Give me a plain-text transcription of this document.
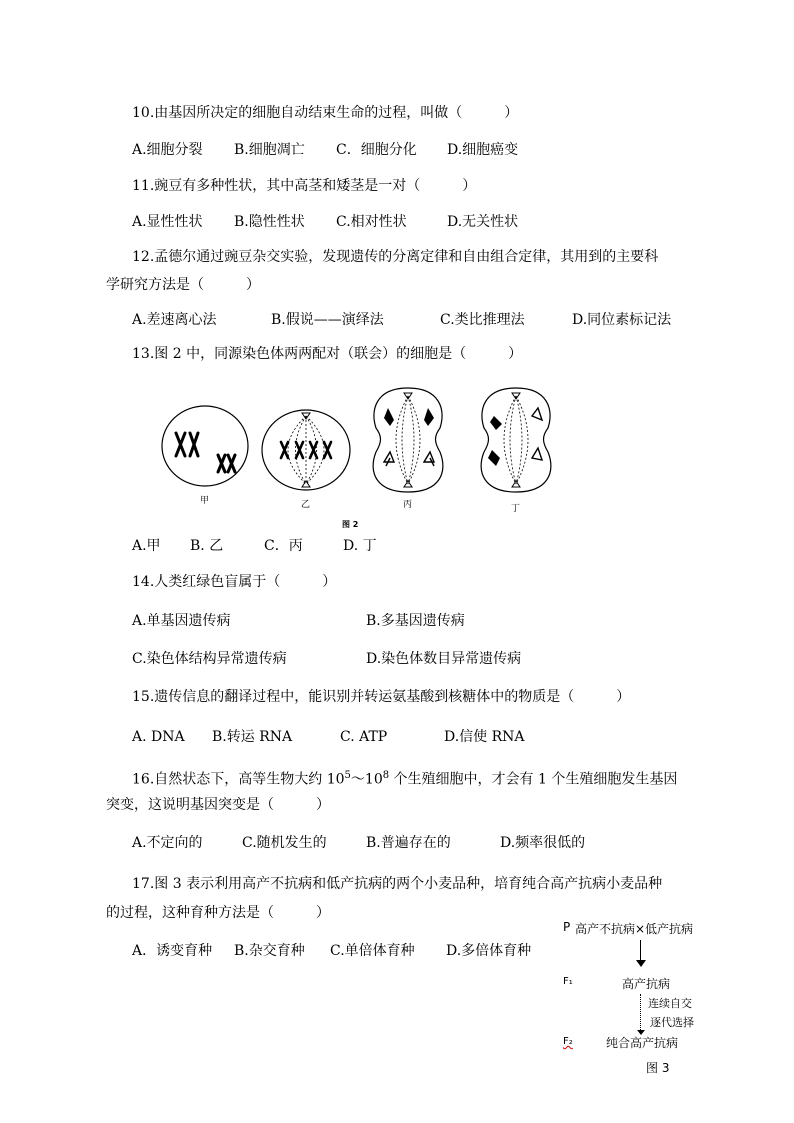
10.由基因所决定的细胞自动结束生命的过程，叫做（　　　）
A.细胞分裂 B.细胞凋亡 C．细胞分化 D.细胞癌变
11.豌豆有多种性状，其中高茎和矮茎是一对（　　　）
A.显性性状 B.隐性性状 C.相对性状	D.无关性状
12.孟德尔通过豌豆杂交实验，发现遗传的分离定律和自由组合定律，其用到的主要科
学研究方法是（　　　）
A.差速离心法	B.假说——演绎法	C.类比推理法	D.同位素标记法
13.图 2 中，同源染色体两两配对（联会）的细胞是（　　　）
甲	乙	丙	丁
图 2
A.甲 B. 乙	C．丙	D. 丁
14.人类红绿色盲属于（　　　）
A.单基因遗传病	B.多基因遗传病
C.染色体结构异常遗传病	D.染色体数目异常遗传病
15.遗传信息的翻译过程中，能识别并转运氨基酸到核糖体中的物质是（　　　）
A. DNA B.转运 RNA	C. ATP	D.信使 RNA
16.自然状态下，高等生物大约 $10^5\sim 10^8$ 个生殖细胞中，才会有 1 个生殖细胞发生基因
突变，这说明基因突变是（　　　）
A.不定向的	C.随机发生的	B.普遍存在的	D.频率很低的
17.图 3 表示利用高产不抗病和低产抗病的两个小麦品种，培育纯合高产抗病小麦品种
的过程，这种育种方法是（　　　）
A．诱变育种 B.杂交育种 C.单倍体育种 D.多倍体育种
P 高产不抗病×低产抗病
F₁	高产抗病
连续自交
逐代选择
F₂	纯合高产抗病
图 3
